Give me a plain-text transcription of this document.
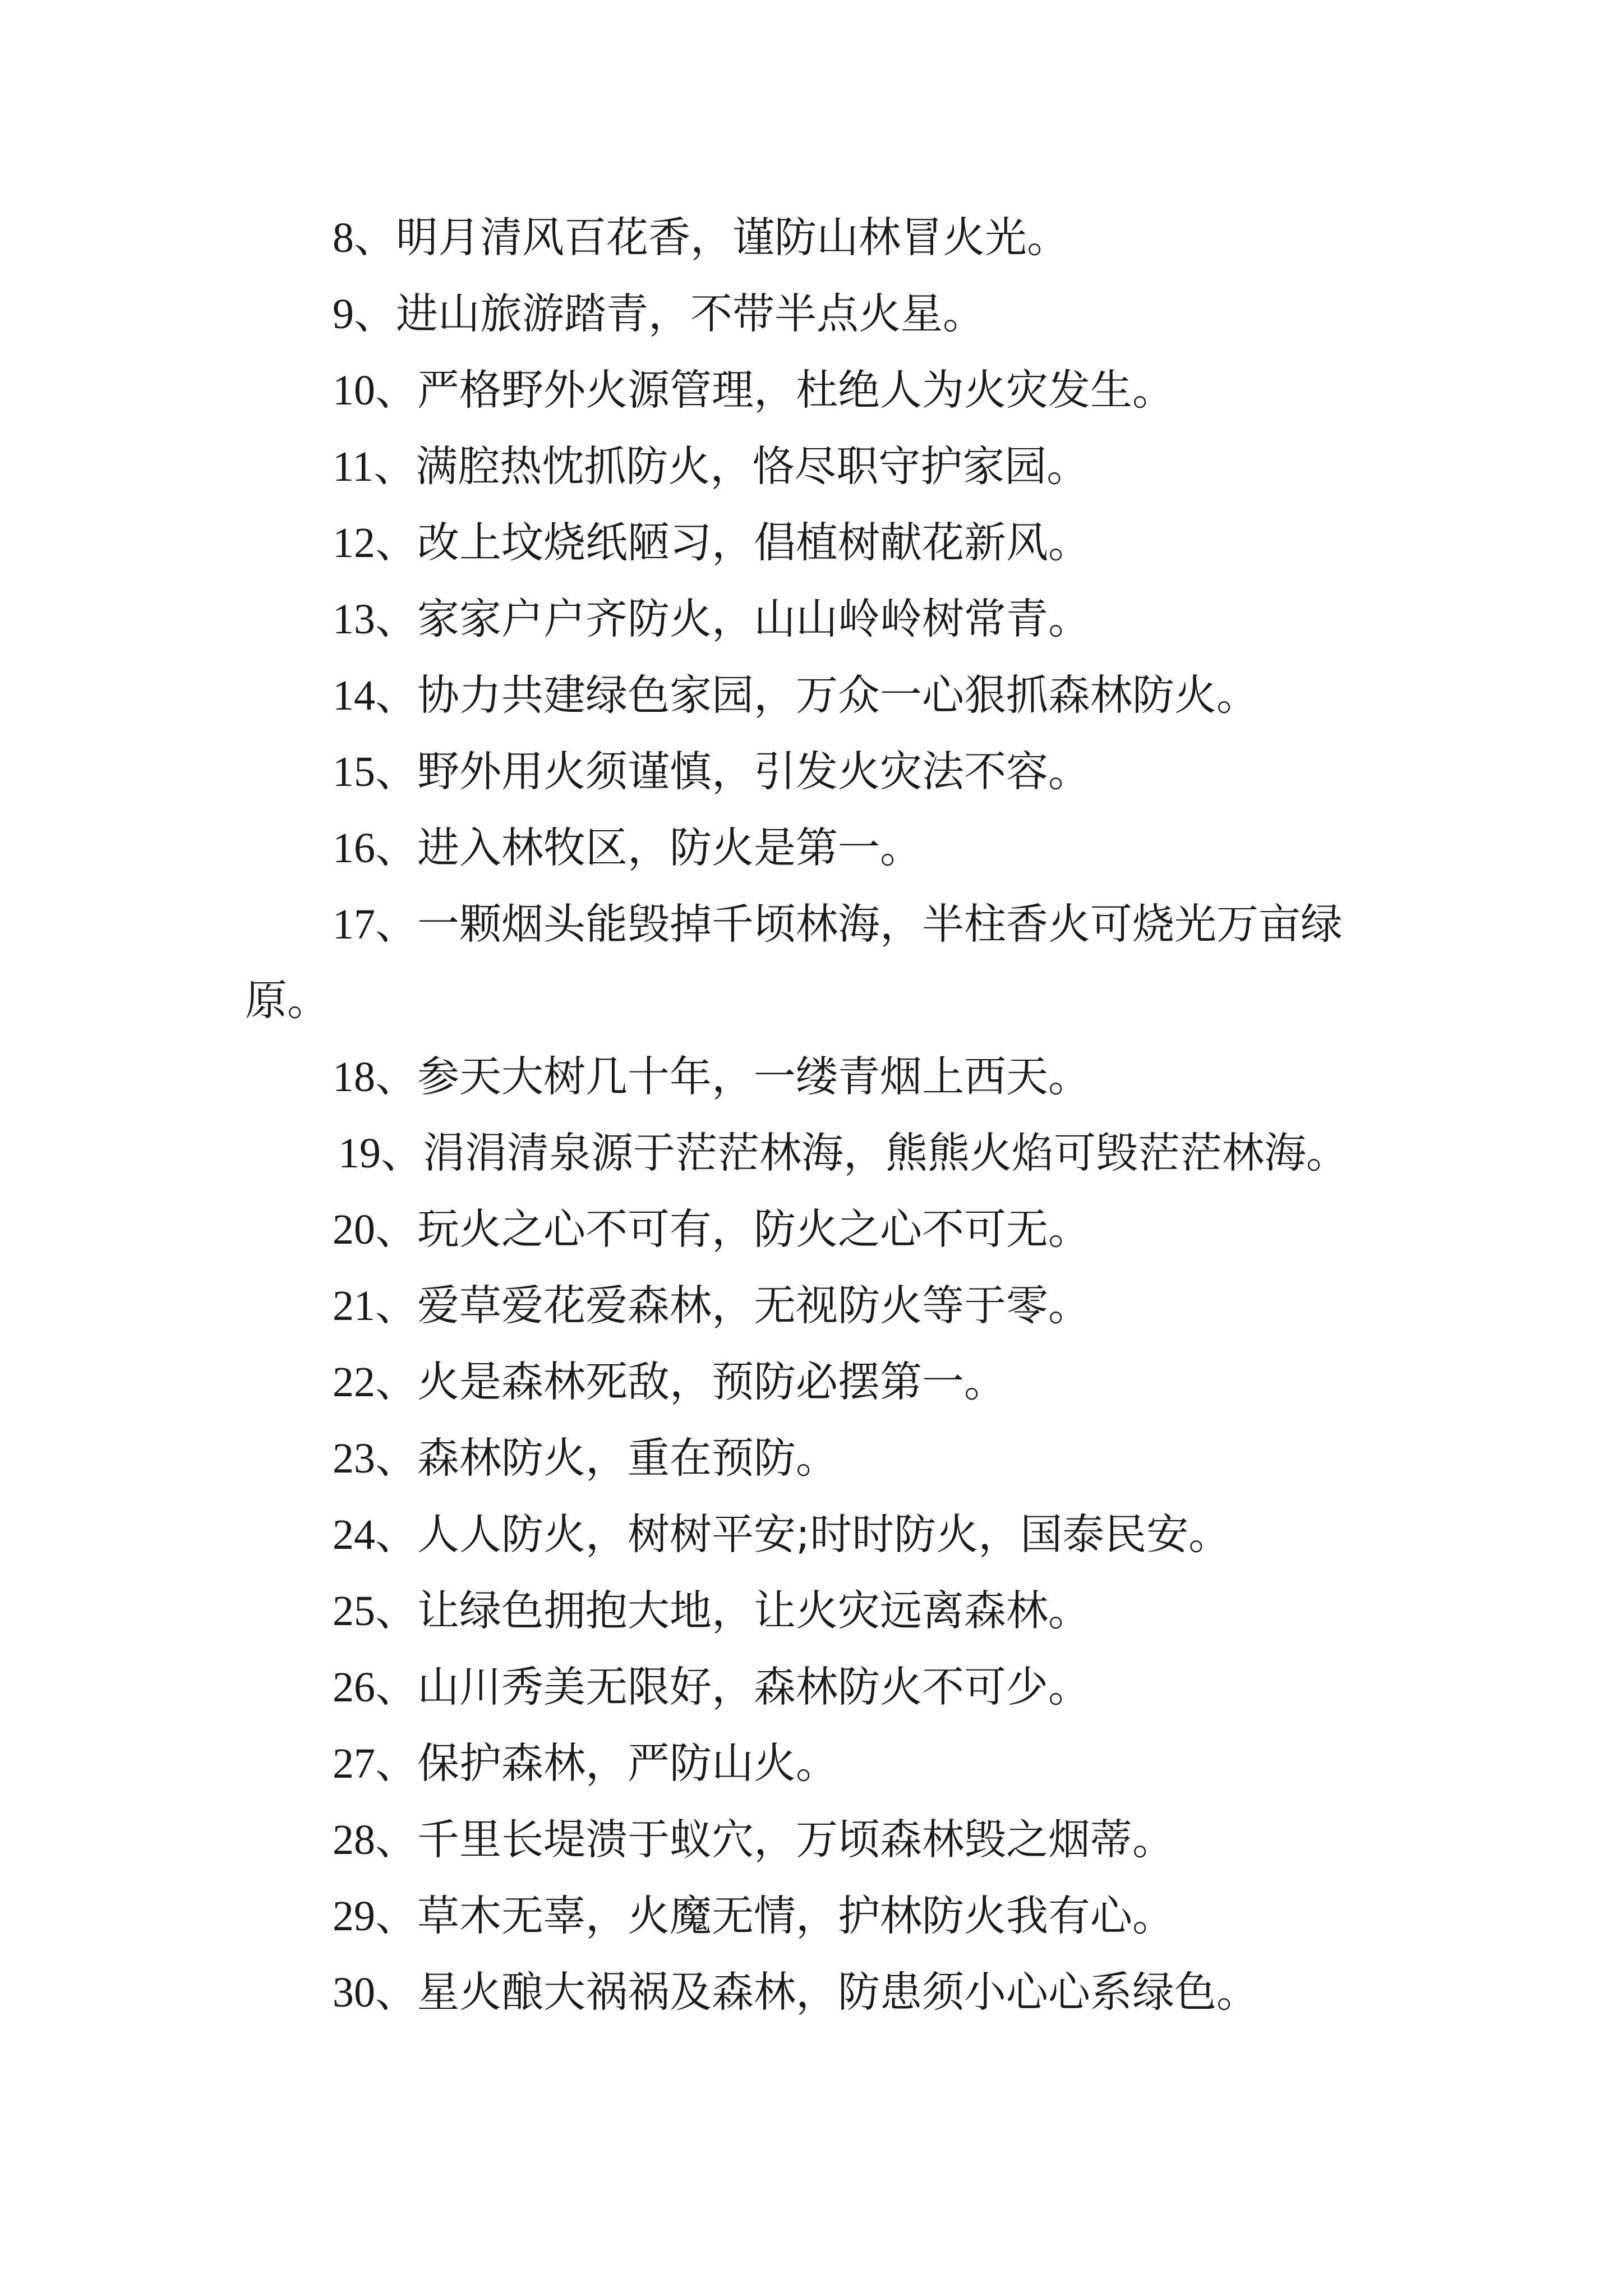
8、明月清风百花香，谨防山林冒火光。
9、进山旅游踏青，不带半点火星。
10、严格野外火源管理，杜绝人为火灾发生。
11、满腔热忱抓防火，恪尽职守护家园。
12、改上坟烧纸陋习，倡植树献花新风。
13、家家户户齐防火，山山岭岭树常青。
14、协力共建绿色家园，万众一心狠抓森林防火。
15、野外用火须谨慎，引发火灾法不容。
16、进入林牧区，防火是第一。
17、一颗烟头能毁掉千顷林海，半柱香火可烧光万亩绿
原。
18、参天大树几十年，一缕青烟上西天。
19、涓涓清泉源于茫茫林海，熊熊火焰可毁茫茫林海。
20、玩火之心不可有，防火之心不可无。
21、爱草爱花爱森林，无视防火等于零。
22、火是森林死敌，预防必摆第一。
23、森林防火，重在预防。
24、人人防火，树树平安;时时防火，国泰民安。
25、让绿色拥抱大地，让火灾远离森林。
26、山川秀美无限好，森林防火不可少。
27、保护森林，严防山火。
28、千里长堤溃于蚁穴，万顷森林毁之烟蒂。
29、草木无辜，火魔无情，护林防火我有心。
30、星火酿大祸祸及森林，防患须小心心系绿色。
